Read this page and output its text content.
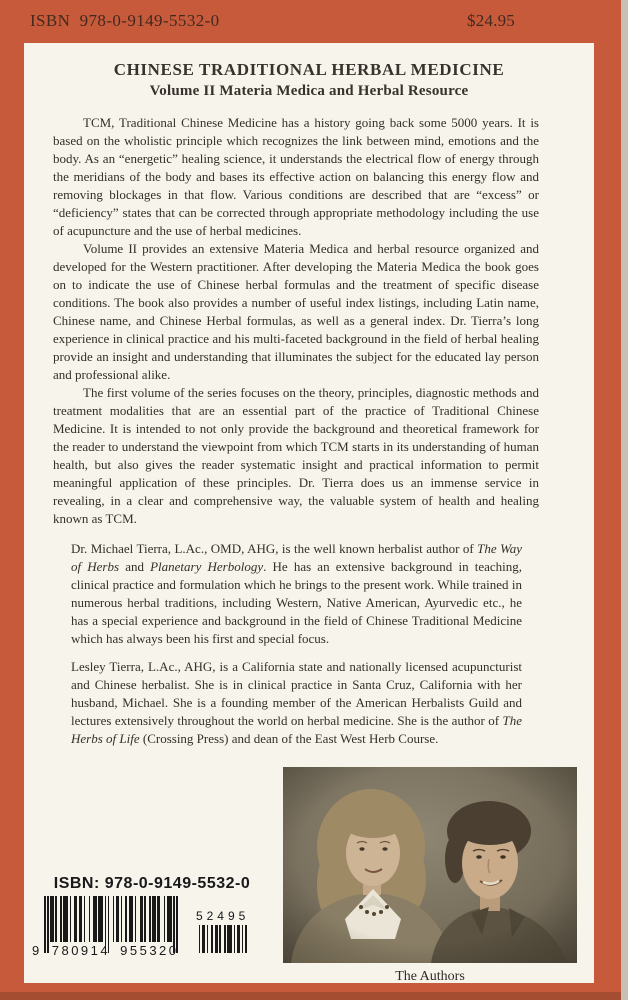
ISBN  978-0-9149-5532-0	$24.95
CHINESE TRADITIONAL HERBAL MEDICINE
Volume II Materia Medica and Herbal Resource

TCM, Traditional Chinese Medicine has a history going back some 5000 years. It is based on the wholistic principle which recognizes the link between mind, emotions and the body. As an “energetic” healing science, it understands the electrical flow of energy through the meridians of the body and bases its effective action on balancing this energy flow and removing blockages in that flow. Various conditions are described that are “excess” or “deficiency” states that can be corrected through appropriate methodology including the use of acupuncture and the use of herbal medicines.

Volume II provides an extensive Materia Medica and herbal resource organized and developed for the Western practitioner. After developing the Materia Medica the book goes on to indicate the use of Chinese herbal formulas and the treatment of specific disease conditions. The book also provides a number of useful index listings, including Latin name, Chinese name, and Chinese Herbal formulas, as well as a general index. Dr. Tierra’s long experience in clinical practice and his multi-faceted background in the field of herbal healing provide an insight and understanding that illuminates the subject for the educated lay person and professional alike.

The first volume of the series focuses on the theory, principles, diagnostic methods and treatment modalities that are an essential part of the practice of Traditional Chinese Medicine. It is intended to not only provide the background and theoretical framework for the reader to understand the viewpoint from which TCM starts in its understanding of human health, but also gives the reader systematic insight and practical information to permit meaningful application of these principles. Dr. Tierra does us an immense service in revealing, in a clear and comprehensive way, the valuable system of health and healing known as TCM.

Dr. Michael Tierra, L.Ac., OMD, AHG, is the well known herbalist author of The Way of Herbs and Planetary Herbology. He has an extensive background in teaching, clinical practice and formulation which he brings to the present work. While trained in numerous herbal traditions, including Western, Native American, Ayurvedic etc., he has a special experience and background in the field of Chinese Traditional Medicine which has always been his first and special focus.
Lesley Tierra, L.Ac., AHG, is a California state and nationally licensed acupuncturist and Chinese herbalist. She is in clinical practice in Santa Cruz, California with her husband, Michael. She is a founding member of the American Herbalists Guild and lectures extensively throughout the world on herbal medicine. She is the author of The Herbs of Life (Crossing Press) and dean of the East West Herb Course.
ISBN: 978-0-9149-5532-0
52495
9 780914 955320
The Authors
